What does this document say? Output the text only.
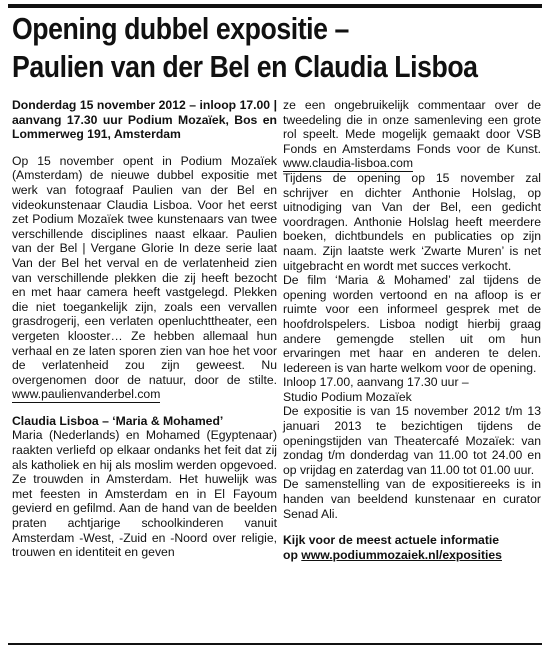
Opening dubbel expositie –
Paulien van der Bel en Claudia Lisboa

Donderdag 15 november 2012 – inloop 17.00 | aanvang 17.30 uur Podium Mozaïek, Bos en Lommerweg 191, Amsterdam

Op 15 november opent in Podium Mozaïek (Amsterdam) de nieuwe dubbel expositie met werk van fotograaf Paulien van der Bel en videokunstenaar Claudia Lisboa. Voor het eerst zet Podium Mozaïek twee kunstenaars van twee verschillende disciplines naast elkaar. Paulien van der Bel | Vergane Glorie In deze serie laat Van der Bel het verval en de verlatenheid zien van verschillende plekken die zij heeft bezocht en met haar camera heeft vastgelegd. Plekken die niet toegankelijk zijn, zoals een vervallen grasdrogerij, een verlaten openluchttheater, een vergeten klooster… Ze hebben allemaal hun verhaal en ze laten sporen zien van hoe het voor de verlatenheid zou zijn geweest. Nu overgenomen door de natuur, door de stilte. www.paulienvanderbel.com

Claudia Lisboa – ‘Maria & Mohamed’

Maria (Nederlands) en Mohamed (Egyptenaar) raakten verliefd op elkaar ondanks het feit dat zij als katholiek en hij als moslim werden opgevoed. Ze trouwden in Amsterdam. Het huwelijk was met feesten in Amsterdam en in El Fayoum gevierd en gefilmd. Aan de hand van de beelden praten achtjarige schoolkinderen vanuit Amsterdam -West, -Zuid en -Noord over religie, trouwen en identiteit en geven

ze een ongebruikelijk commentaar over de tweedeling die in onze samenleving een grote rol speelt. Mede mogelijk gemaakt door VSB Fonds en Amsterdams Fonds voor de Kunst. www.claudia-lisboa.com

Tijdens de opening op 15 november zal schrijver en dichter Anthonie Holslag, op uitnodiging van Van der Bel, een gedicht voordragen. Anthonie Holslag heeft meerdere boeken, dichtbundels en publicaties op zijn naam. Zijn laatste werk ‘Zwarte Muren’ is net uitgebracht en wordt met succes verkocht.

De film ‘Maria & Mohamed’ zal tijdens de opening worden vertoond en na afloop is er ruimte voor een informeel gesprek met de hoofdrolspelers. Lisboa nodigt hierbij graag andere gemengde stellen uit om hun ervaringen met haar en anderen te delen. Iedereen is van harte welkom voor de opening.

Inloop 17.00, aanvang 17.30 uur –

Studio Podium Mozaïek

De expositie is van 15 november 2012 t/m 13 januari 2013 te bezichtigen tijdens de openingstijden van Theatercafé Mozaïek: van zondag t/m donderdag van 11.00 tot 24.00 en op vrijdag en zaterdag van 11.00 tot 01.00 uur.

De samenstelling van de expositiereeks is in handen van beeldend kunstenaar en curator Senad Ali.

Kijk voor de meest actuele informatie
op www.podiummozaiek.nl/exposities
